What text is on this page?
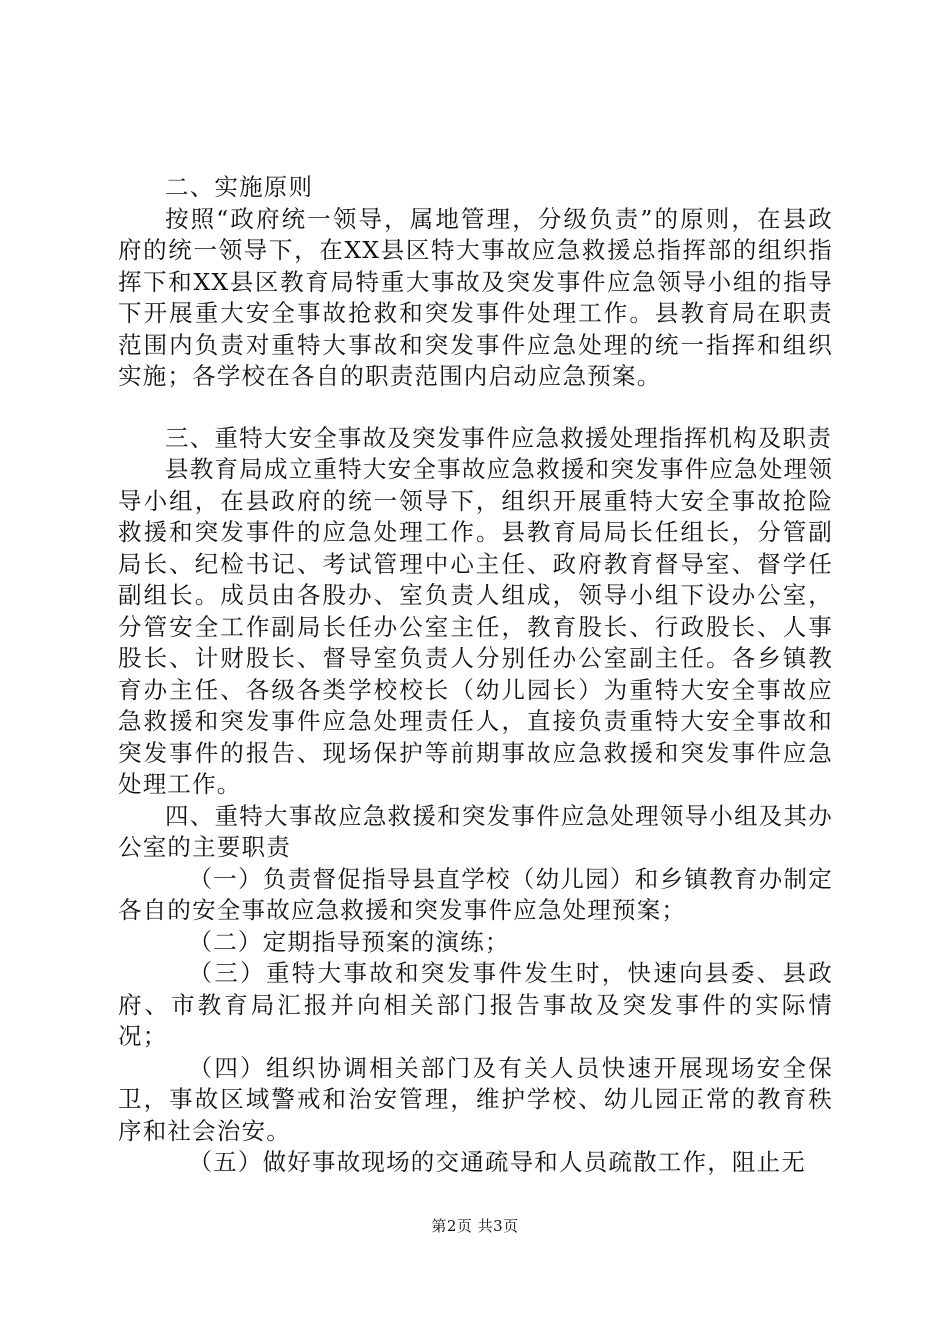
二、实施原则

按照“政府统一领导，属地管理，分级负责”的原则，在县政府的统一领导下，在XX县区特大事故应急救援总指挥部的组织指挥下和XX县区教育局特重大事故及突发事件应急领导小组的指导下开展重大安全事故抢救和突发事件处理工作。县教育局在职责范围内负责对重特大事故和突发事件应急处理的统一指挥和组织实施；各学校在各自的职责范围内启动应急预案。

三、重特大安全事故及突发事件应急救援处理指挥机构及职责

县教育局成立重特大安全事故应急救援和突发事件应急处理领导小组，在县政府的统一领导下，组织开展重特大安全事故抢险救援和突发事件的应急处理工作。县教育局局长任组长，分管副局长、纪检书记、考试管理中心主任、政府教育督导室、督学任副组长。成员由各股办、室负责人组成，领导小组下设办公室，分管安全工作副局长任办公室主任，教育股长、行政股长、人事股长、计财股长、督导室负责人分别任办公室副主任。各乡镇教育办主任、各级各类学校校长（幼儿园长）为重特大安全事故应急救援和突发事件应急处理责任人，直接负责重特大安全事故和突发事件的报告、现场保护等前期事故应急救援和突发事件应急处理工作。

四、重特大事故应急救援和突发事件应急处理领导小组及其办公室的主要职责

（一）负责督促指导县直学校（幼儿园）和乡镇教育办制定各自的安全事故应急救援和突发事件应急处理预案；

（二）定期指导预案的演练；

（三）重特大事故和突发事件发生时，快速向县委、县政府、市教育局汇报并向相关部门报告事故及突发事件的实际情况；

（四）组织协调相关部门及有关人员快速开展现场安全保卫，事故区域警戒和治安管理，维护学校、幼儿园正常的教育秩序和社会治安。

（五）做好事故现场的交通疏导和人员疏散工作，阻止无

第2页 共3页
